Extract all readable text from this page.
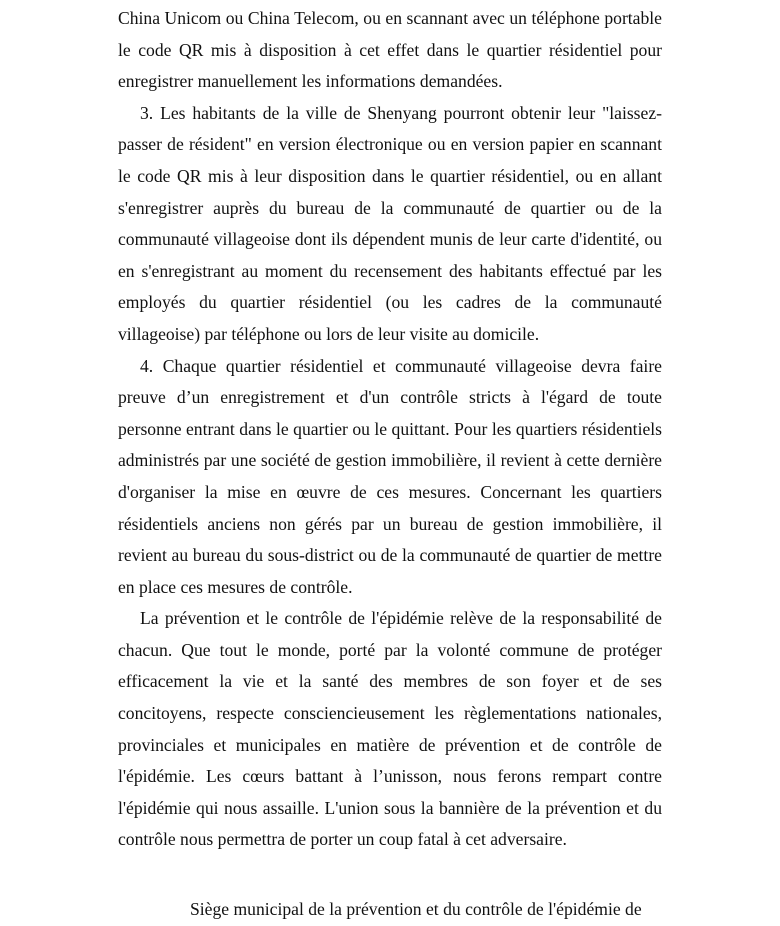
China Unicom ou China Telecom, ou en scannant avec un téléphone portable le code QR mis à disposition à cet effet dans le quartier résidentiel pour enregistrer manuellement les informations demandées.

3. Les habitants de la ville de Shenyang pourront obtenir leur "laissez-passer de résident" en version électronique ou en version papier en scannant le code QR mis à leur disposition dans le quartier résidentiel, ou en allant s'enregistrer auprès du bureau de la communauté de quartier ou de la communauté villageoise dont ils dépendent munis de leur carte d'identité, ou en s'enregistrant au moment du recensement des habitants effectué par les employés du quartier résidentiel (ou les cadres de la communauté villageoise) par téléphone ou lors de leur visite au domicile.

4. Chaque quartier résidentiel et communauté villageoise devra faire preuve d’un enregistrement et d'un contrôle stricts à l'égard de toute personne entrant dans le quartier ou le quittant. Pour les quartiers résidentiels administrés par une société de gestion immobilière, il revient à cette dernière d'organiser la mise en œuvre de ces mesures. Concernant les quartiers résidentiels anciens non gérés par un bureau de gestion immobilière, il revient au bureau du sous-district ou de la communauté de quartier de mettre en place ces mesures de contrôle.

La prévention et le contrôle de l'épidémie relève de la responsabilité de chacun. Que tout le monde, porté par la volonté commune de protéger efficacement la vie et la santé des membres de son foyer et de ses concitoyens, respecte consciencieusement les règlementations nationales, provinciales et municipales en matière de prévention et de contrôle de l'épidémie. Les cœurs battant à l’unisson, nous ferons rempart contre l'épidémie qui nous assaille. L'union sous la bannière de la prévention et du contrôle nous permettra de porter un coup fatal à cet adversaire.

Siège municipal de la prévention et du contrôle de l'épidémie de
